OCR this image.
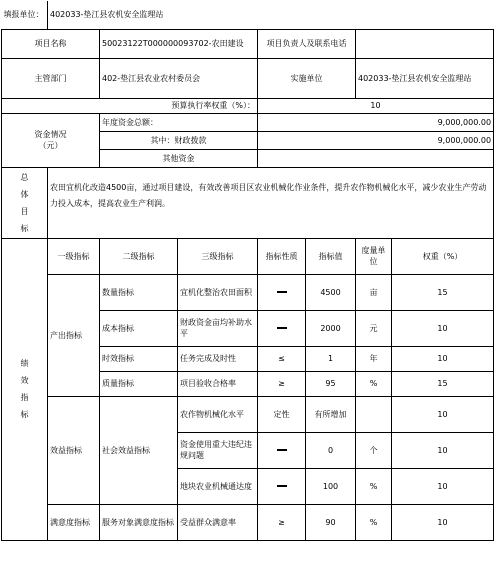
填报单位：	402033-垫江县农机安全监理站						
项目名称		50023122T000000093702-农田建设		项目负责人及联系电话			
主管部门		402-垫江县农业农村委员会		实施单位		402033-垫江县农机安全监理站	
预算执行率权重（%）：				10			

资金情况
（元）		年度资金总额：		9,000,000.00			
		其中：财政拨款		9,000,000.00			
		其他资金					

总
体
目
标	农田宜机化改造4500亩，通过项目建设，有效改善项目区农业机械化作业条件，提升农作物机械化水平，减少农业生产劳动力投入成本，提高农业生产利润。						

绩
效
指
标	一级指标	二级指标	三级指标	指标性质	指标值	度量单位	权重（%）
	产出指标	数量指标	宜机化整治农田面积		4500	亩	15
		成本指标	财政资金亩均补助水平		2000	元	10
		时效指标	任务完成及时性	≤	1	年	10
		质量指标	项目验收合格率	≥	95	%	15
	效益指标	社会效益指标	农作物机械化水平	定性	有所增加		10
			资金使用重大违纪违规问题		0	个	10
			地块农业机械通达度		100	%	10
	满意度指标	服务对象满意度指标	受益群众满意率	≥	90	%	10
